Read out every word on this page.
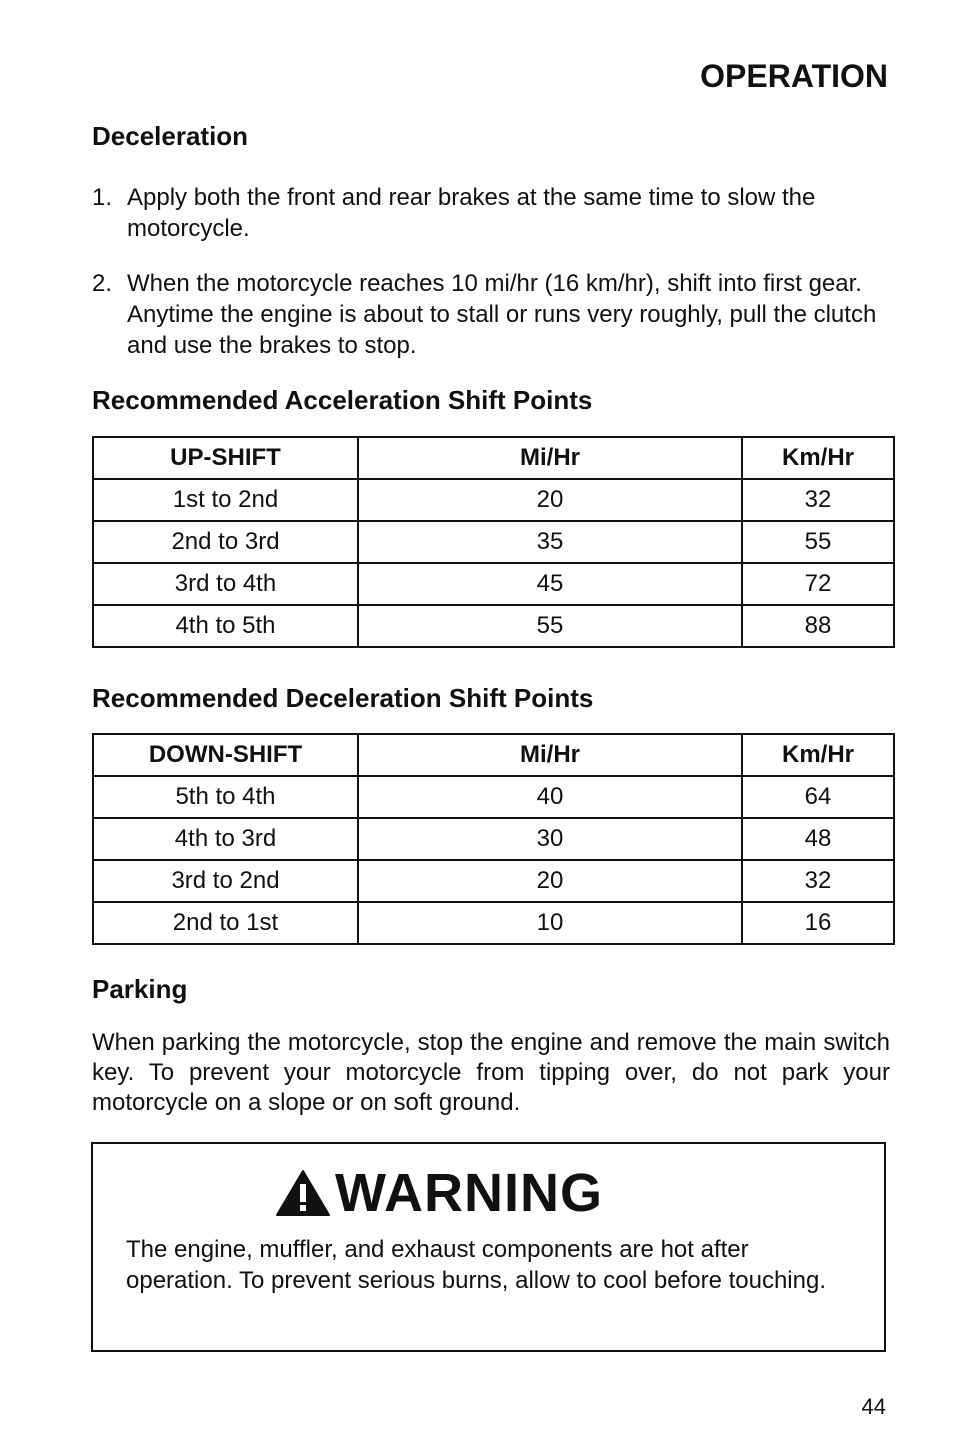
OPERATION
Deceleration
1. Apply both the front and rear brakes at the same time to slow the motorcycle.
2. When the motorcycle reaches 10 mi/hr (16 km/hr), shift into first gear. Anytime the engine is about to stall or runs very roughly, pull the clutch and use the brakes to stop.
Recommended Acceleration Shift Points
UP-SHIFT	Mi/Hr	Km/Hr
1st to 2nd	20	32
2nd to 3rd	35	55
3rd to 4th	45	72
4th to 5th	55	88
Recommended Deceleration Shift Points
DOWN-SHIFT	Mi/Hr	Km/Hr
5th to 4th	40	64
4th to 3rd	30	48
3rd to 2nd	20	32
2nd to 1st	10	16
Parking

When parking the motorcycle, stop the engine and remove the main switch key. To prevent your motorcycle from tipping over, do not park your motorcycle on a slope or on soft ground.

WARNING

The engine, muffler, and exhaust components are hot after operation. To prevent serious burns, allow to cool before touching.

44
